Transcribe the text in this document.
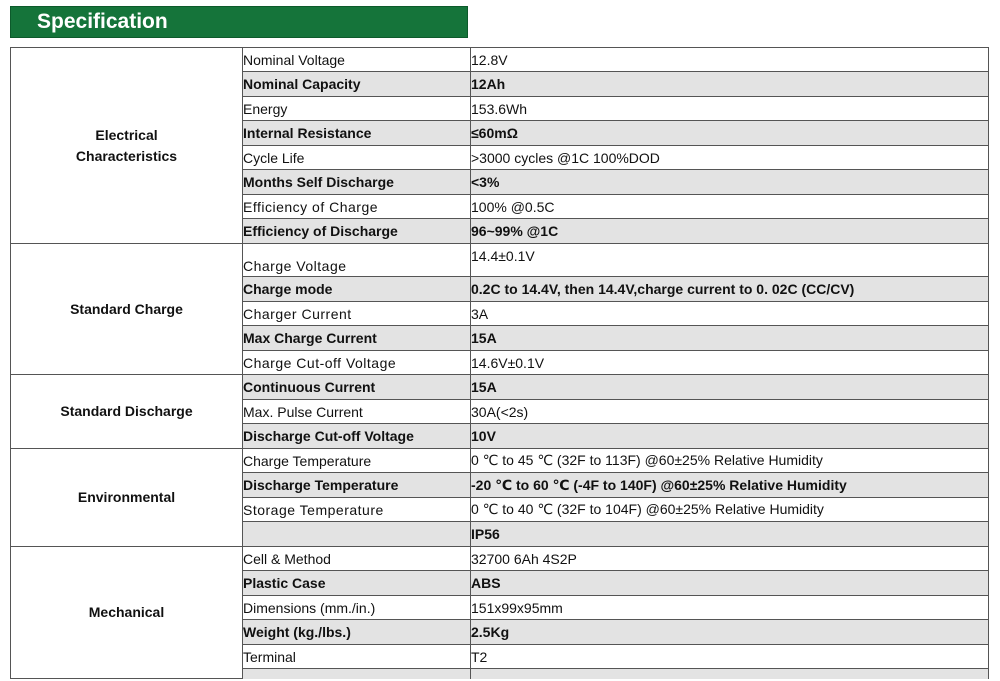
Specification
Electrical
Characteristics	Nominal Voltage	12.8V
	Nominal Capacity	12Ah
	Energy	153.6Wh
	Internal Resistance	≤60mΩ
	Cycle Life	>3000 cycles @1C 100%DOD
	Months Self Discharge	<3%
	Efficiency of Charge	100% @0.5C
	Efficiency of Discharge	96~99% @1C
Standard Charge	Charge Voltage	14.4±0.1V
	Charge mode	0.2C to 14.4V, then 14.4V,charge current to 0. 02C (CC/CV)
	Charger Current	3A
	Max Charge Current	15A
	Charge Cut-off Voltage	14.6V±0.1V
Standard Discharge	Continuous Current	15A
	Max. Pulse Current	30A(<2s)
	Discharge Cut-off Voltage	10V
Environmental	Charge Temperature	0 ℃ to 45 ℃ (32F to 113F) @60±25% Relative Humidity
	Discharge Temperature	-20 ℃ to 60 ℃ (-4F to 140F) @60±25% Relative Humidity
	Storage Temperature	0 ℃ to 40 ℃ (32F to 104F) @60±25% Relative Humidity
		IP56
Mechanical	Cell & Method	32700 6Ah 4S2P
	Plastic Case	ABS
	Dimensions (mm./in.)	151x99x95mm
	Weight (kg./lbs.)	2.5Kg
	Terminal	T2
